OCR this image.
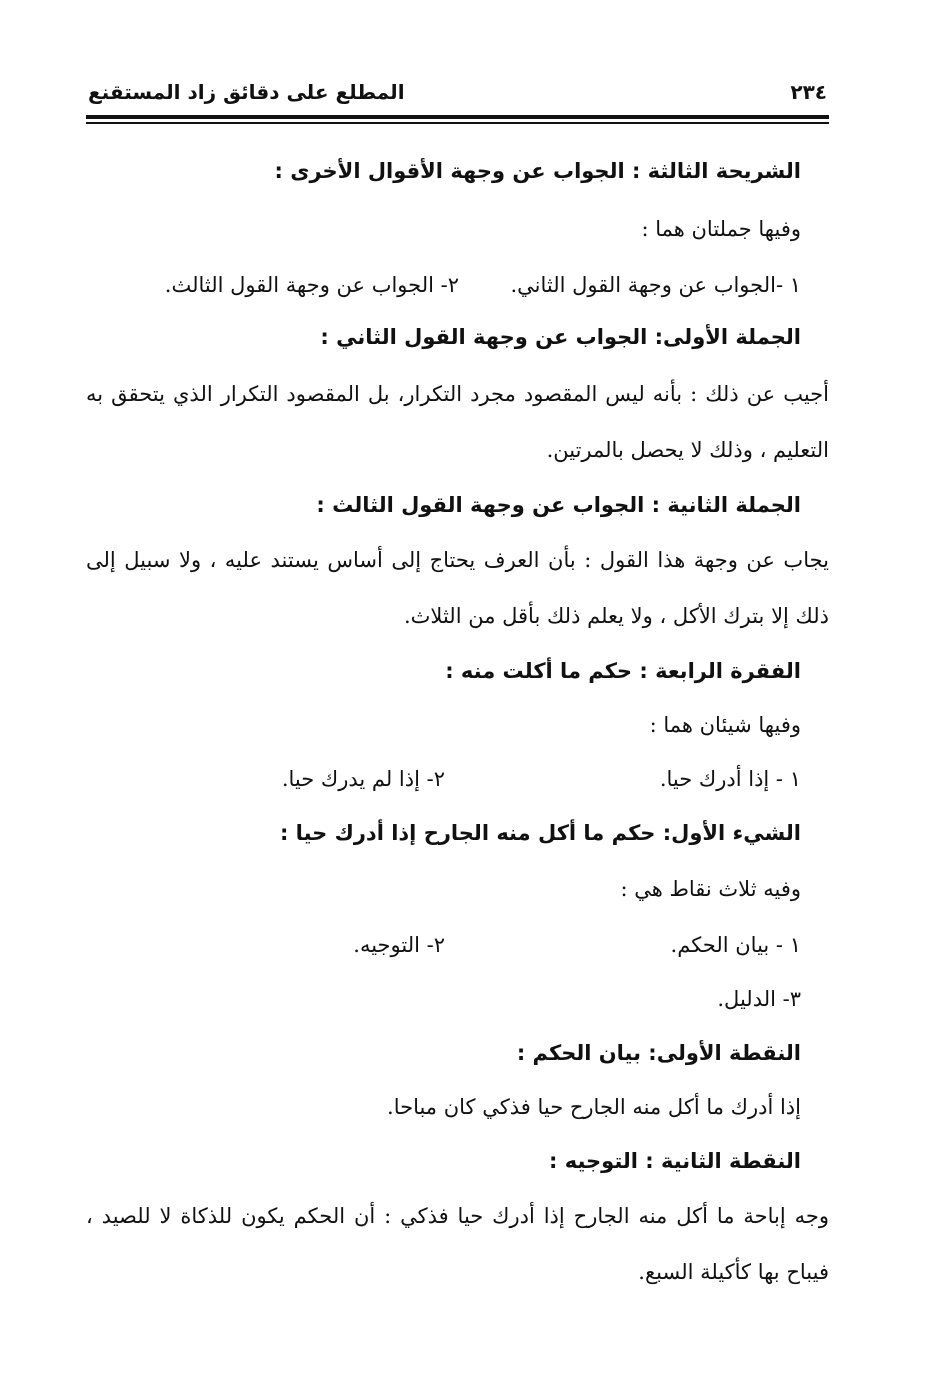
٢٣٤
المطلع على دقائق زاد المستقنع
الشريحة الثالثة : الجواب عن وجهة الأقوال الأخرى :
وفيها جملتان هما :
١ -الجواب عن وجهة القول الثاني.
٢- الجواب عن وجهة القول الثالث.
الجملة الأولى: الجواب عن وجهة القول الثاني :
أجيب عن ذلك : بأنه ليس المقصود مجرد التكرار، بل المقصود التكرار الذي يتحقق به التعليم ، وذلك لا يحصل بالمرتين.
الجملة الثانية : الجواب عن وجهة القول الثالث :
يجاب عن وجهة هذا القول : بأن العرف يحتاج إلى أساس يستند عليه ، ولا سبيل إلى ذلك إلا بترك الأكل ، ولا يعلم ذلك بأقل من الثلاث.
الفقرة الرابعة : حكم ما أكلت منه :
وفيها شيئان هما :
١ - إذا أدرك حيا.
٢- إذا لم يدرك حيا.
الشيء الأول: حكم ما أكل منه الجارح إذا أدرك حيا :
وفيه ثلاث نقاط هي :
١ - بيان الحكم.
٢- التوجيه.
٣- الدليل.
النقطة الأولى: بيان الحكم :
إذا أدرك ما أكل منه الجارح حيا فذكي كان مباحا.
النقطة الثانية : التوجيه :
وجه إباحة ما أكل منه الجارح إذا أدرك حيا فذكي : أن الحكم يكون للذكاة لا للصيد ، فيباح بها كأكيلة السبع.
